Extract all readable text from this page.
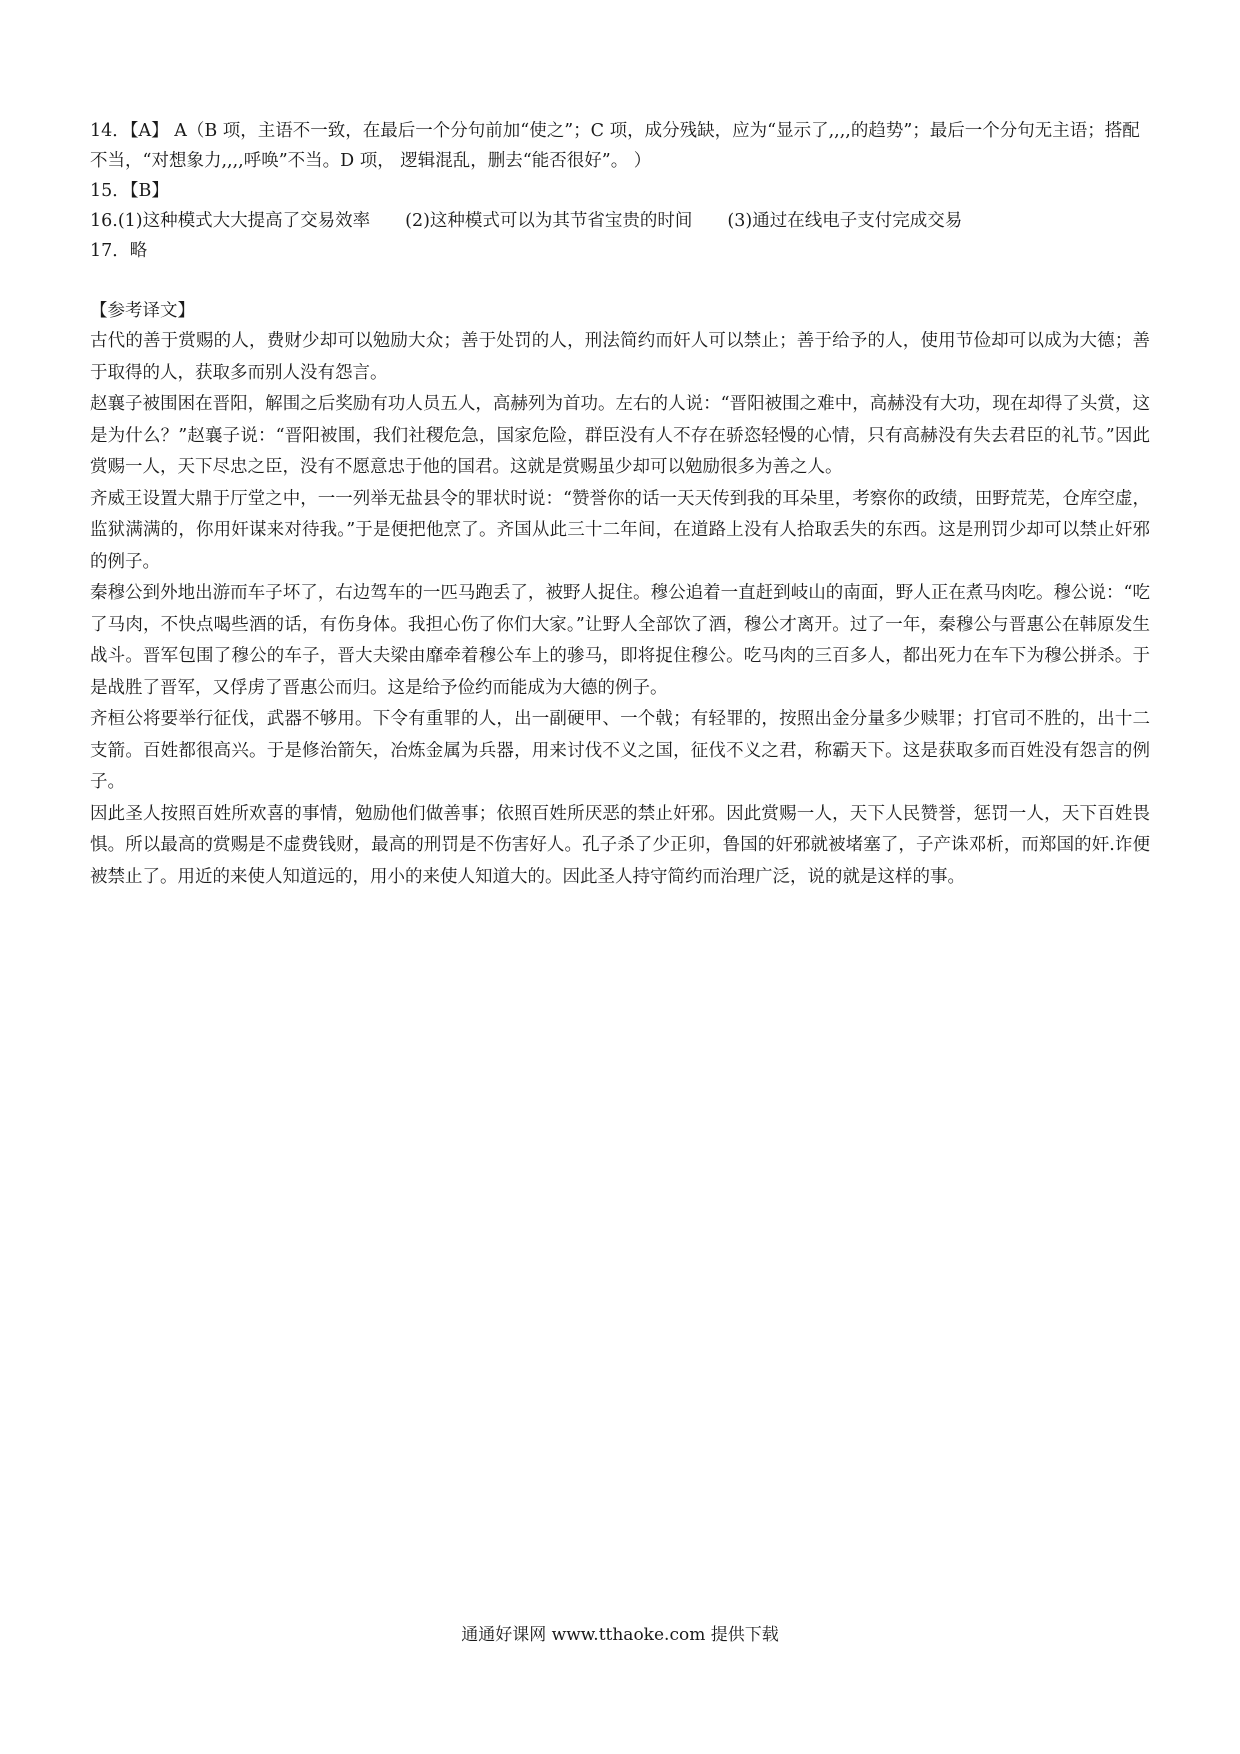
14．【A】 A（B 项，主语不一致，在最后一个分句前加“使之”；C 项，成分残缺，应为“显示了,,,,的趋势”；最后一个分句无主语；搭配不当，“对想象力,,,,呼唤”不当。D 项， 逻辑混乱，删去“能否很好”。 ）

15．【B】

16.(1)这种模式大大提高了交易效率　　(2)这种模式可以为其节省宝贵的时间　　(3)通过在线电子支付完成交易

17．略

【参考译文】

古代的善于赏赐的人，费财少却可以勉励大众；善于处罚的人，刑法简约而奸人可以禁止；善于给予的人，使用节俭却可以成为大德；善于取得的人，获取多而别人没有怨言。

赵襄子被围困在晋阳，解围之后奖励有功人员五人，高赫列为首功。左右的人说：“晋阳被围之难中，高赫没有大功，现在却得了头赏，这是为什么？”赵襄子说：“晋阳被围，我们社稷危急，国家危险，群臣没有人不存在骄恣轻慢的心情，只有高赫没有失去君臣的礼节。”因此赏赐一人，天下尽忠之臣，没有不愿意忠于他的国君。这就是赏赐虽少却可以勉励很多为善之人。

齐威王设置大鼎于厅堂之中，一一列举无盐县令的罪状时说：“赞誉你的话一天天传到我的耳朵里，考察你的政绩，田野荒芜，仓库空虚，监狱满满的，你用奸谋来对待我。”于是便把他烹了。齐国从此三十二年间，在道路上没有人拾取丢失的东西。这是刑罚少却可以禁止奸邪的例子。

秦穆公到外地出游而车子坏了，右边驾车的一匹马跑丢了，被野人捉住。穆公追着一直赶到岐山的南面，野人正在煮马肉吃。穆公说：“吃了马肉，不快点喝些酒的话，有伤身体。我担心伤了你们大家。”让野人全部饮了酒，穆公才离开。过了一年，秦穆公与晋惠公在韩原发生战斗。晋军包围了穆公的车子，晋大夫梁由靡牵着穆公车上的骖马，即将捉住穆公。吃马肉的三百多人，都出死力在车下为穆公拼杀。于是战胜了晋军，又俘虏了晋惠公而归。这是给予俭约而能成为大德的例子。

齐桓公将要举行征伐，武器不够用。下令有重罪的人，出一副硬甲、一个戟；有轻罪的，按照出金分量多少赎罪；打官司不胜的，出十二支箭。百姓都很高兴。于是修治箭矢，冶炼金属为兵器，用来讨伐不义之国，征伐不义之君，称霸天下。这是获取多而百姓没有怨言的例子。

因此圣人按照百姓所欢喜的事情，勉励他们做善事；依照百姓所厌恶的禁止奸邪。因此赏赐一人，天下人民赞誉，惩罚一人，天下百姓畏惧。所以最高的赏赐是不虚费钱财，最高的刑罚是不伤害好人。孔子杀了少正卯，鲁国的奸邪就被堵塞了，子产诛邓析，而郑国的奸.诈便被禁止了。用近的来使人知道远的，用小的来使人知道大的。因此圣人持守简约而治理广泛，说的就是这样的事。

通通好课网 www.tthaoke.com 提供下载
